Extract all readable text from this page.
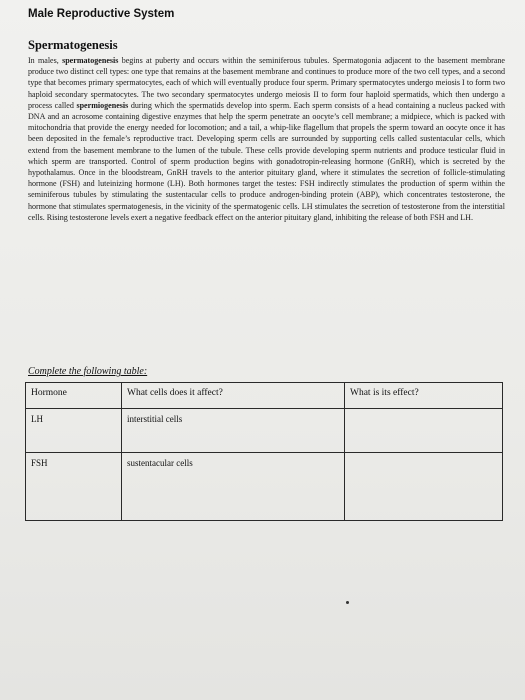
Male Reproductive System
Spermatogenesis

In males, spermatogenesis begins at puberty and occurs within the seminiferous tubules. Spermatogonia adjacent to the basement membrane produce two distinct cell types: one type that remains at the basement membrane and continues to produce more of the two cell types, and a second type that becomes primary spermatocytes, each of which will eventually produce four sperm. Primary spermatocytes undergo meiosis I to form two haploid secondary spermatocytes. The two secondary spermatocytes undergo meiosis II to form four haploid spermatids, which then undergo a process called spermiogenesis during which the spermatids develop into sperm. Each sperm consists of a head containing a nucleus packed with DNA and an acrosome containing digestive enzymes that help the sperm penetrate an oocyte’s cell membrane; a midpiece, which is packed with mitochondria that provide the energy needed for locomotion; and a tail, a whip-like flagellum that propels the sperm toward an oocyte once it has been deposited in the female’s reproductive tract. Developing sperm cells are surrounded by supporting cells called sustentacular cells, which extend from the basement membrane to the lumen of the tubule. These cells provide developing sperm nutrients and produce testicular fluid in which sperm are transported. Control of sperm production begins with gonadotropin-releasing hormone (GnRH), which is secreted by the hypothalamus. Once in the bloodstream, GnRH travels to the anterior pituitary gland, where it stimulates the secretion of follicle-stimulating hormone (FSH) and luteinizing hormone (LH). Both hormones target the testes: FSH indirectly stimulates the production of sperm within the seminiferous tubules by stimulating the sustentacular cells to produce androgen-binding protein (ABP), which concentrates testosterone, the hormone that stimulates spermatogenesis, in the vicinity of the spermatogenic cells. LH stimulates the secretion of testosterone from the interstitial cells. Rising testosterone levels exert a negative feedback effect on the anterior pituitary gland, inhibiting the release of both FSH and LH.

Complete the following table:
Hormone	What cells does it affect?	What is its effect?
LH	interstitial cells	
FSH	sustentacular cells	
